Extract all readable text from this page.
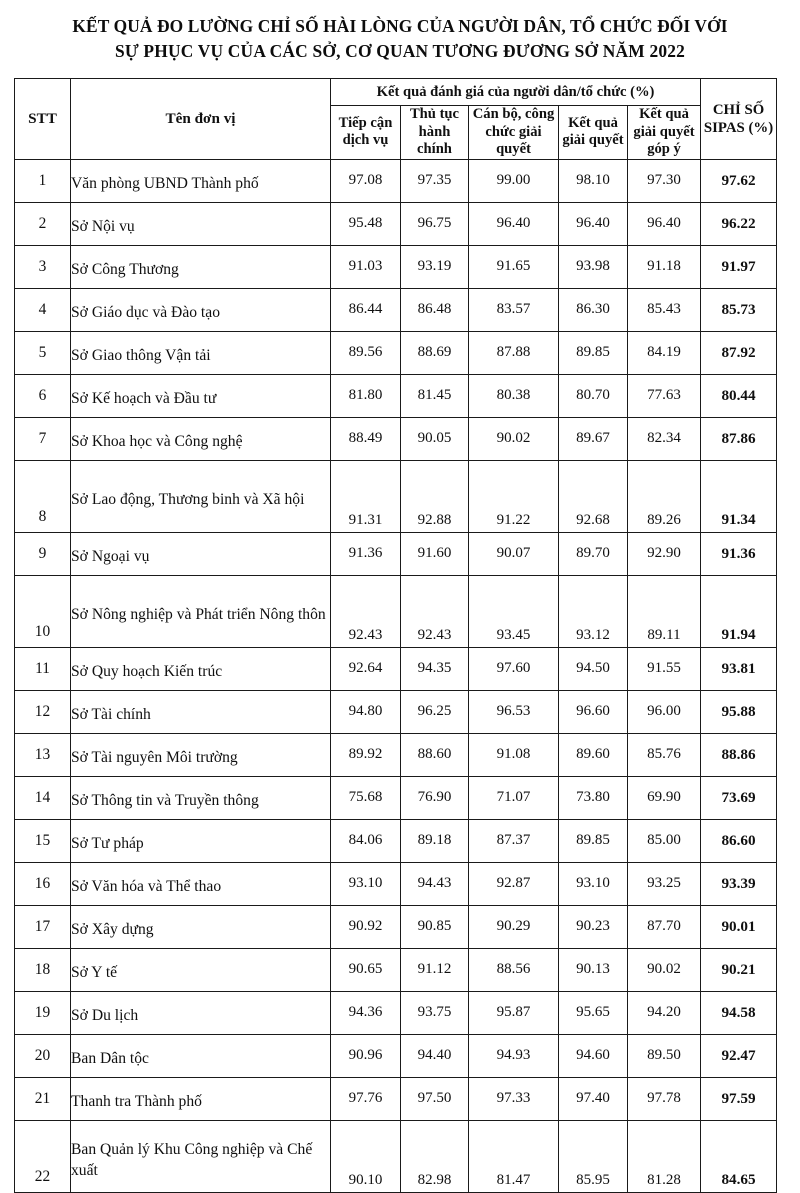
KẾT QUẢ ĐO LƯỜNG CHỈ SỐ HÀI LÒNG CỦA NGƯỜI DÂN, TỔ CHỨC ĐỐI VỚI
SỰ PHỤC VỤ CỦA CÁC SỞ, CƠ QUAN TƯƠNG ĐƯƠNG SỞ NĂM 2022
STT	Tên đơn vị	Kết quả đánh giá của người dân/tổ chức (%)					CHỈ SỐ SIPAS (%)
		Tiếp cận dịch vụ	Thủ tục hành chính	Cán bộ, công chức giải quyết	Kết quả giải quyết	Kết quả giải quyết góp ý	
1	Văn phòng UBND Thành phố	97.08	97.35	99.00	98.10	97.30	97.62
2	Sở Nội vụ	95.48	96.75	96.40	96.40	96.40	96.22
3	Sở Công Thương	91.03	93.19	91.65	93.98	91.18	91.97
4	Sở Giáo dục và Đào tạo	86.44	86.48	83.57	86.30	85.43	85.73
5	Sở Giao thông Vận tải	89.56	88.69	87.88	89.85	84.19	87.92
6	Sở Kế hoạch và Đầu tư	81.80	81.45	80.38	80.70	77.63	80.44
7	Sở Khoa học và Công nghệ	88.49	90.05	90.02	89.67	82.34	87.86
8	Sở Lao động, Thương binh và Xã hội	91.31	92.88	91.22	92.68	89.26	91.34
9	Sở Ngoại vụ	91.36	91.60	90.07	89.70	92.90	91.36
10	Sở Nông nghiệp và Phát triển Nông thôn	92.43	92.43	93.45	93.12	89.11	91.94
11	Sở Quy hoạch Kiến trúc	92.64	94.35	97.60	94.50	91.55	93.81
12	Sở Tài chính	94.80	96.25	96.53	96.60	96.00	95.88
13	Sở Tài nguyên Môi trường	89.92	88.60	91.08	89.60	85.76	88.86
14	Sở Thông tin và Truyền thông	75.68	76.90	71.07	73.80	69.90	73.69
15	Sở Tư pháp	84.06	89.18	87.37	89.85	85.00	86.60
16	Sở Văn hóa và Thể thao	93.10	94.43	92.87	93.10	93.25	93.39
17	Sở Xây dựng	90.92	90.85	90.29	90.23	87.70	90.01
18	Sở Y tế	90.65	91.12	88.56	90.13	90.02	90.21
19	Sở Du lịch	94.36	93.75	95.87	95.65	94.20	94.58
20	Ban Dân tộc	90.96	94.40	94.93	94.60	89.50	92.47
21	Thanh tra Thành phố	97.76	97.50	97.33	97.40	97.78	97.59
22	Ban Quản lý Khu Công nghiệp và Chế xuất	90.10	82.98	81.47	85.95	81.28	84.65
